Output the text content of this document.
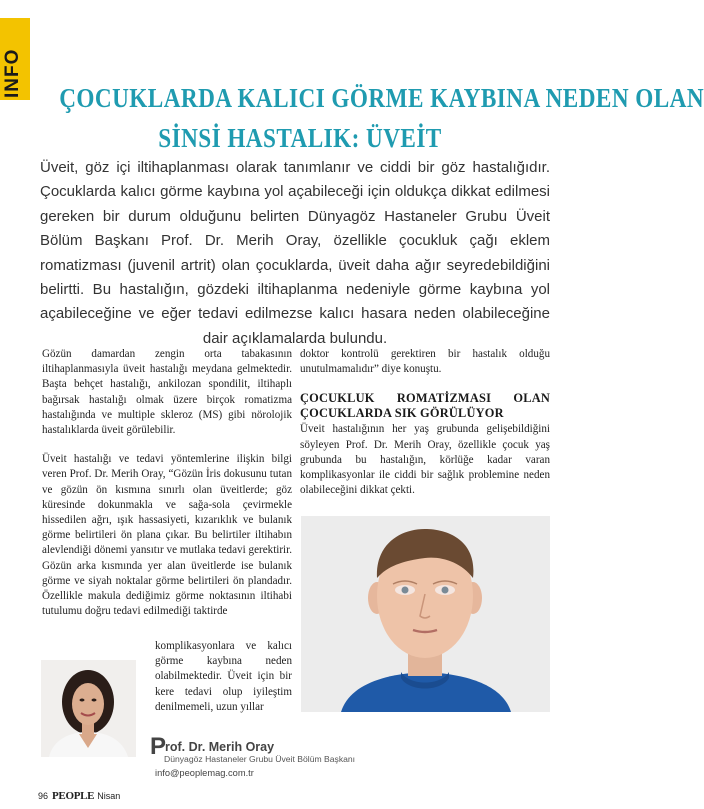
INFO ÇOCUKLARDA KALICI GÖRME KAYBINA NEDEN OLAN
SİNSİ HASTALIK: ÜVEİT
Üveit, göz içi iltihaplanması olarak tanımlanır ve ciddi bir göz hastalığıdır. Çocuklarda kalıcı görme kaybına yol açabileceği için oldukça dikkat edilmesi gereken bir durum olduğunu belirten Dünyagöz Hastaneler Grubu Üveit Bölüm Başkanı Prof. Dr. Merih Oray, özellikle çocukluk çağı eklem romatizması (juvenil artrit) olan çocuklarda, üveit daha ağır seyredebildiğini belirtti. Bu hastalığın, gözdeki iltihaplanma nedeniyle görme kaybına yol açabileceğine ve eğer tedavi edilmezse kalıcı hasara neden olabileceğine dair açıklamalarda bulundu.

Gözün damardan zengin orta tabakasının iltihaplanmasıyla üveit hastalığı meydana gelmektedir. Başta behçet hastalığı, ankilozan spondilit, iltihaplı bağırsak hastalığı olmak üzere birçok romatizma hastalığında ve multiple skleroz (MS) gibi nörolojik hastalıklarda üveit görülebilir.

Üveit hastalığı ve tedavi yöntemlerine ilişkin bilgi veren Prof. Dr. Merih Oray, “Gözün İris dokusunu tutan ve gözün ön kısmına sınırlı olan üveitlerde; göz küresinde dokunmakla ve sağa-sola çevirmekle hissedilen ağrı, ışık hassasiyeti, kızarıklık ve bulanık görme belirtileri ön plana çıkar. Bu belirtiler iltihabın alevlendiği dönemi yansıtır ve mutlaka tedavi gerektirir. Gözün arka kısmında yer alan üveitlerde ise bulanık görme ve siyah noktalar görme belirtileri ön plandadır. Özellikle makula dediğimiz görme noktasının iltihabi tutulumu doğru tedavi edilmediği taktirde

komplikasyonlara ve kalıcı görme kaybına neden olabilmektedir. Üveit için bir kere tedavi olup iyileştim denilmemeli, uzun yıllar

doktor kontrolü gerektiren bir hastalık olduğu unutulmamalıdır” diye konuştu.

ÇOCUKLUK ROMATİZMASI OLAN ÇOCUKLARDA SIK GÖRÜLÜYOR

Üveit hastalığının her yaş grubunda gelişebildiğini söyleyen Prof. Dr. Merih Oray, özellikle çocuk yaş grubunda bu hastalığın, körlüğe kadar varan komplikasyonlar ile ciddi bir sağlık problemine neden olabileceğini dikkat çekti.

Prof. Dr. Merih Oray
Dünyagöz Hastaneler Grubu Üveit Bölüm Başkanı
info@peoplemag.com.tr
96 PEOPLE Nisan
